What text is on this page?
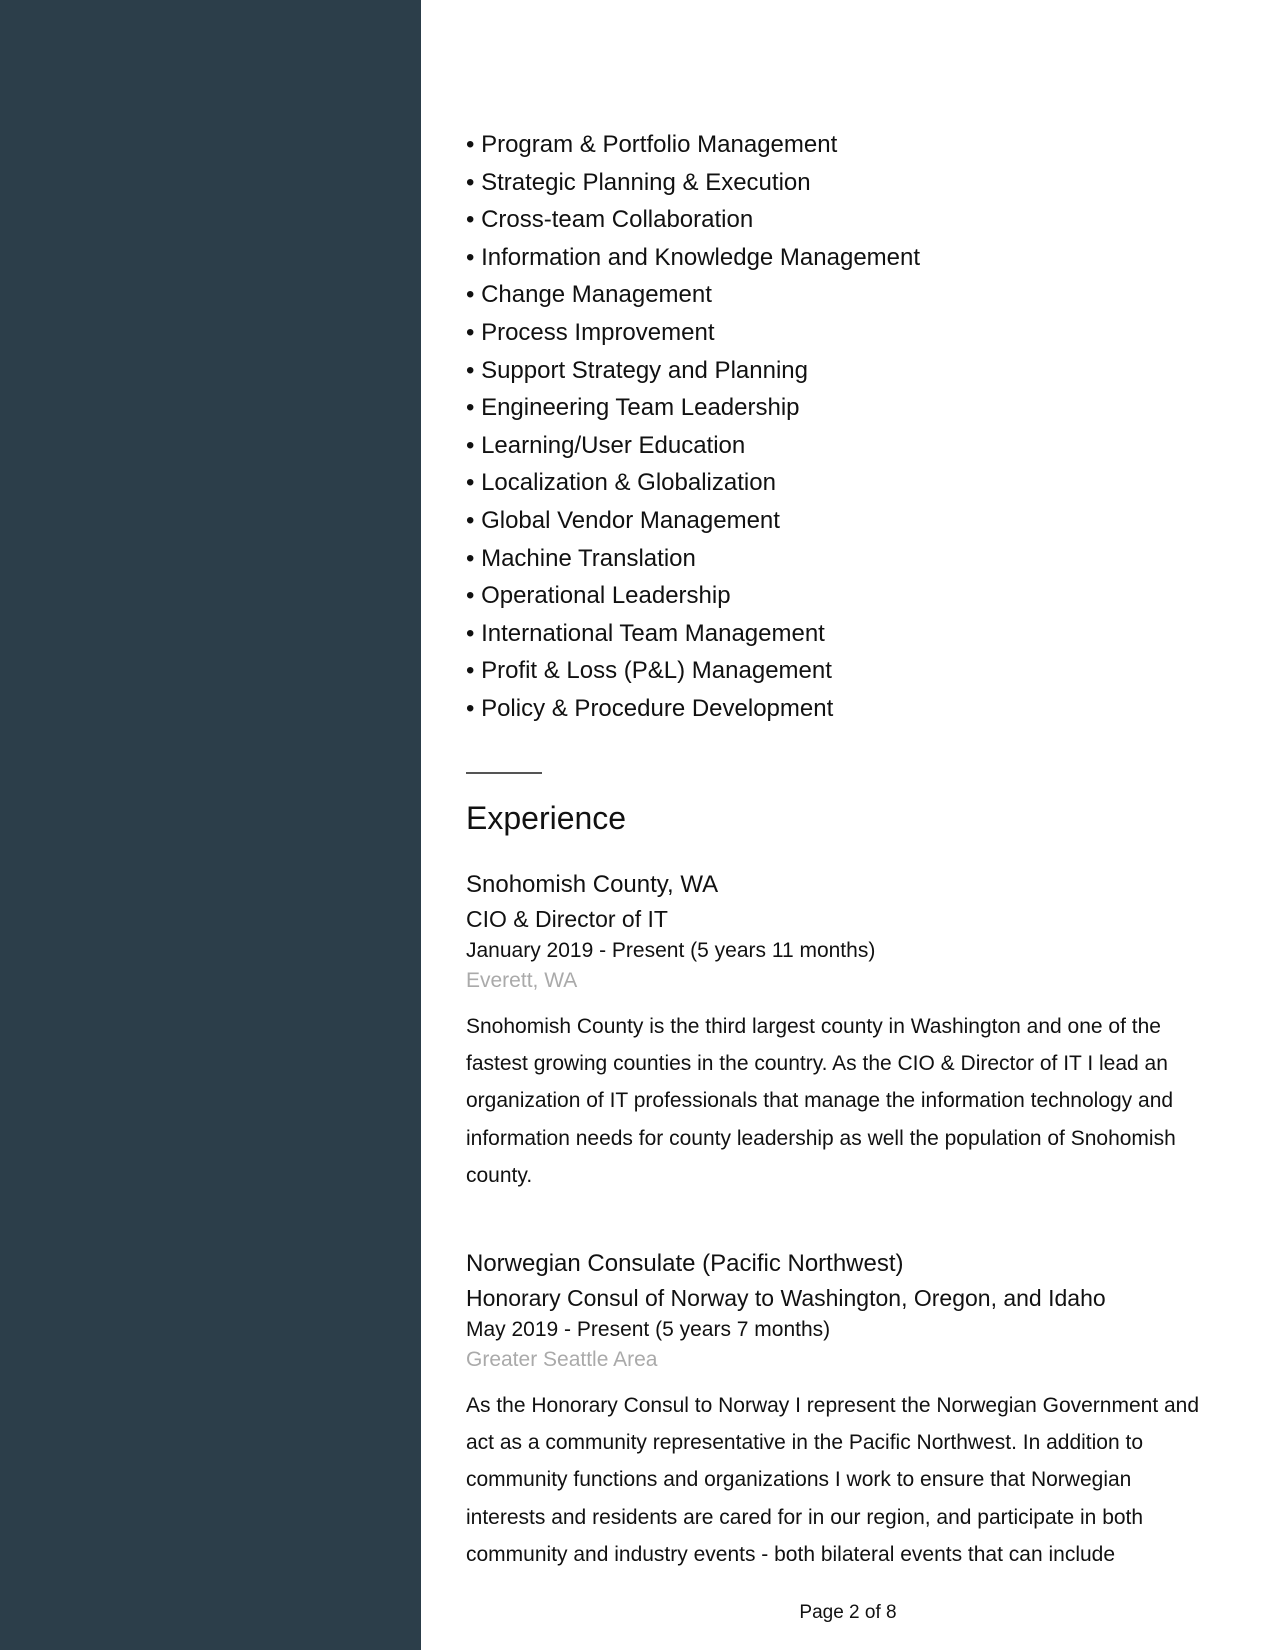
• Program & Portfolio Management
• Strategic Planning & Execution
• Cross-team Collaboration
• Information and Knowledge Management
• Change Management
• Process Improvement
• Support Strategy and Planning
• Engineering Team Leadership
• Learning/User Education
• Localization & Globalization
• Global Vendor Management
• Machine Translation
• Operational Leadership
• International Team Management
• Profit & Loss (P&L) Management
• Policy & Procedure Development
Experience
Snohomish County, WA
CIO & Director of IT
January 2019 - Present (5 years 11 months)
Everett, WA
Snohomish County is the third largest county in Washington and one of the fastest growing counties in the country. As the CIO & Director of IT I lead an organization of IT professionals that manage the information technology and information needs for county leadership as well the population of Snohomish county.
Norwegian Consulate (Pacific Northwest)
Honorary Consul of Norway to Washington, Oregon, and Idaho
May 2019 - Present (5 years 7 months)
Greater Seattle Area
As the Honorary Consul to Norway I represent the Norwegian Government and act as a community representative in the Pacific Northwest. In addition to community functions and organizations I work to ensure that Norwegian interests and residents are cared for in our region, and participate in both community and industry events - both bilateral events that can include
Page 2 of 8
